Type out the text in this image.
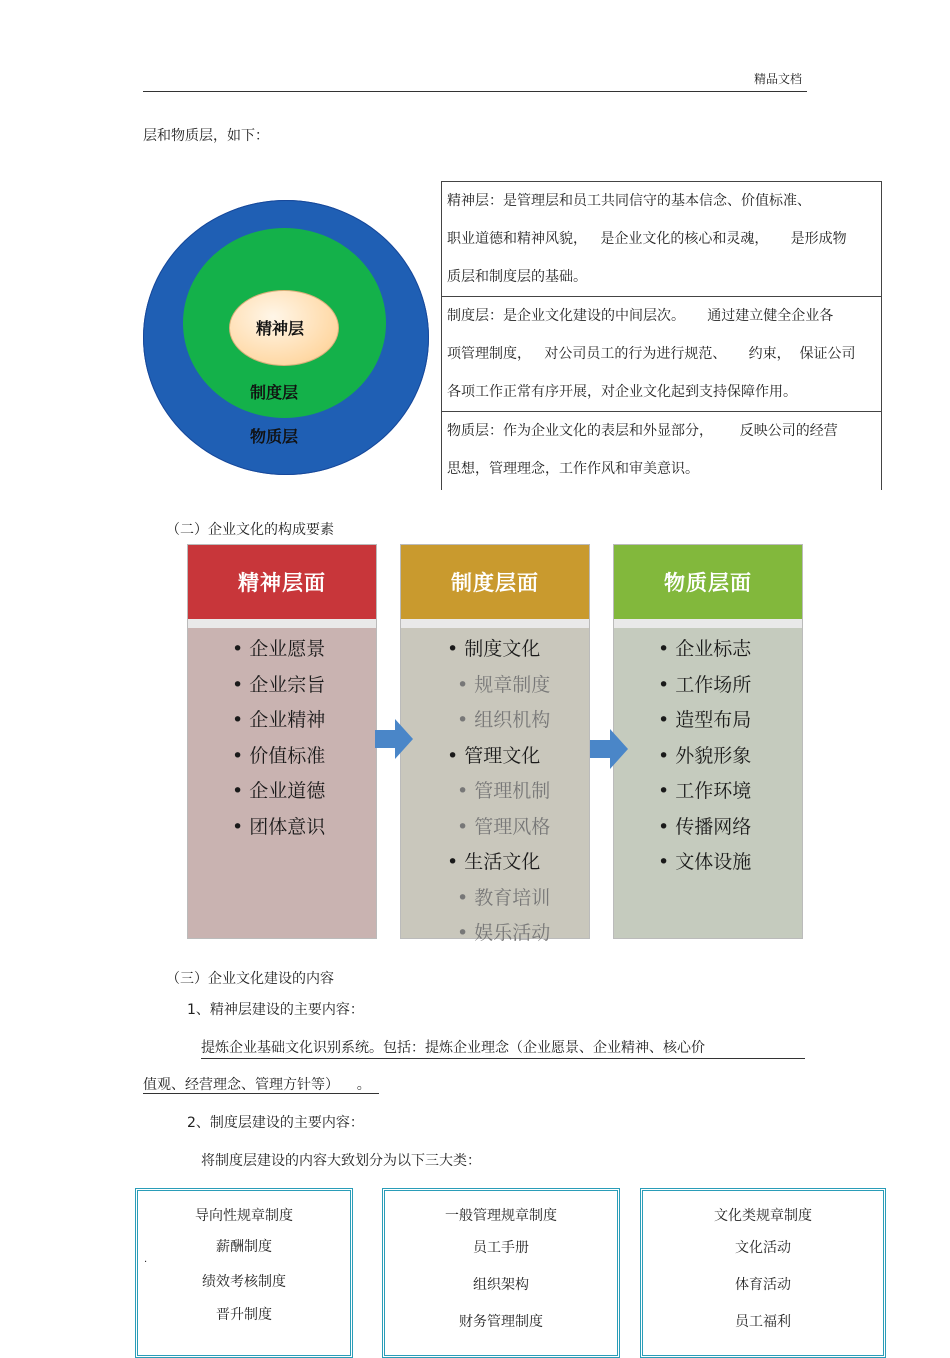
精品文档
层和物质层，如下：
精神层
制度层
物质层
精神层：是管理层和员工共同信守的基本信念、价值标准、
职业道德和精神风貌，   是企业文化的核心和灵魂，     是形成物
质层和制度层的基础。

制度层：是企业文化建设的中间层次。     通过建立健全企业各
项管理制度，   对公司员工的行为进行规范、     约束，  保证公司
各项工作正常有序开展，对企业文化起到支持保障作用。

物质层：作为企业文化的表层和外显部分，      反映公司的经营
思想，管理理念，工作作风和审美意识。
（二）企业文化的构成要素
精神层面
• 企业愿景
• 企业宗旨
• 企业精神
• 价值标准
• 企业道德
• 团体意识
制度层面
• 制度文化
• 规章制度
• 组织机构
• 管理文化
• 管理机制
• 管理风格
• 生活文化
• 教育培训
• 娱乐活动
物质层面
• 企业标志
• 工作场所
• 造型布局
• 外貌形象
• 工作环境
• 传播网络
• 文体设施
（三）企业文化建设的内容
1、精神层建设的主要内容：
提炼企业基础文化识别系统。包括：提炼企业理念（企业愿景、企业精神、核心价
值观、经营理念、管理方针等）    。
2、制度层建设的主要内容：
将制度层建设的内容大致划分为以下三大类：
导向性规章制度
薪酬制度
绩效考核制度
晋升制度
.
一般管理规章制度
员工手册
组织架构
财务管理制度
文化类规章制度
文化活动
体育活动
员工福利
